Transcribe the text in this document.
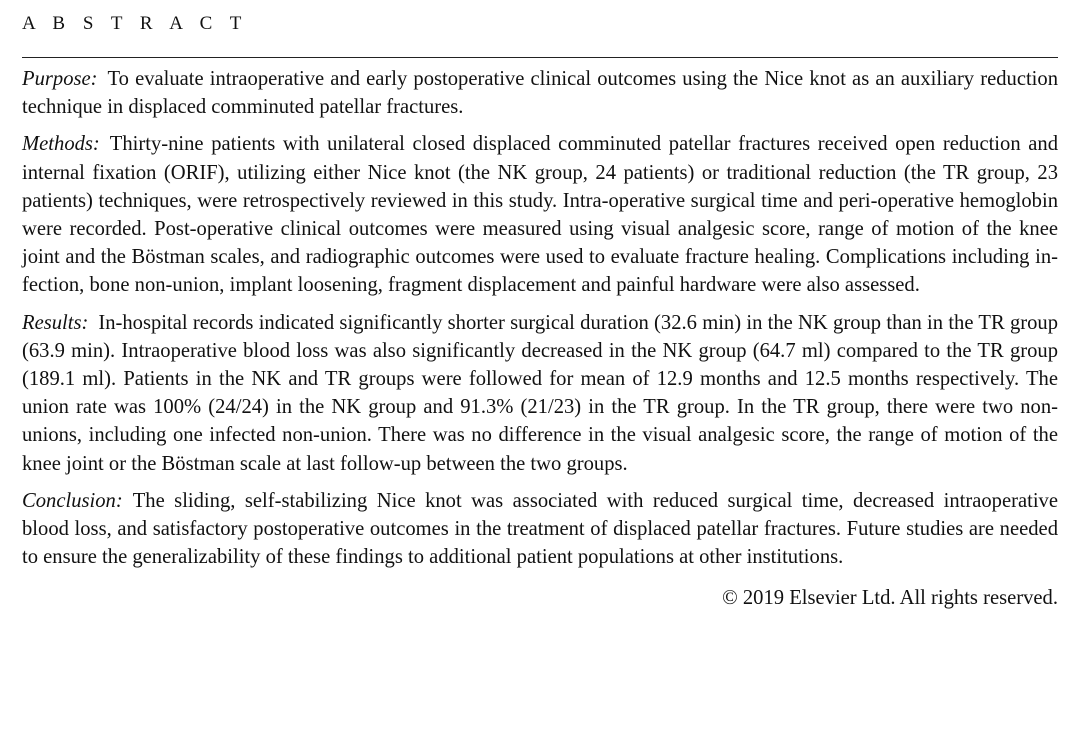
A B S T R A C T

Purpose: To evaluate intraoperative and early postoperative clinical outcomes using the Nice knot as an auxiliary reduction technique in displaced comminuted patellar fractures.

Methods: Thirty-nine patients with unilateral closed displaced comminuted patellar fractures received open reduction and internal fixation (ORIF), utilizing either Nice knot (the NK group, 24 patients) or traditional reduction (the TR group, 23 patients) techniques, were retrospectively reviewed in this study. Intra-operative surgical time and peri-operative hemoglobin were recorded. Post-operative clinical outcomes were measured using visual analgesic score, range of motion of the knee joint and the Böstman scales, and radiographic outcomes were used to evaluate fracture healing. Complications including infection, bone non-union, implant loosening, fragment displacement and painful hardware were also assessed.

Results: In-hospital records indicated significantly shorter surgical duration (32.6 min) in the NK group than in the TR group (63.9 min). Intraoperative blood loss was also significantly decreased in the NK group (64.7 ml) compared to the TR group (189.1 ml). Patients in the NK and TR groups were followed for mean of 12.9 months and 12.5 months respectively. The union rate was 100% (24/24) in the NK group and 91.3% (21/23) in the TR group. In the TR group, there were two non-unions, including one infected non-union. There was no difference in the visual analgesic score, the range of motion of the knee joint or the Böstman scale at last follow-up between the two groups.

Conclusion: The sliding, self-stabilizing Nice knot was associated with reduced surgical time, decreased intraoperative blood loss, and satisfactory postoperative outcomes in the treatment of displaced patellar fractures. Future studies are needed to ensure the generalizability of these findings to additional patient populations at other institutions.

© 2019 Elsevier Ltd. All rights reserved.
